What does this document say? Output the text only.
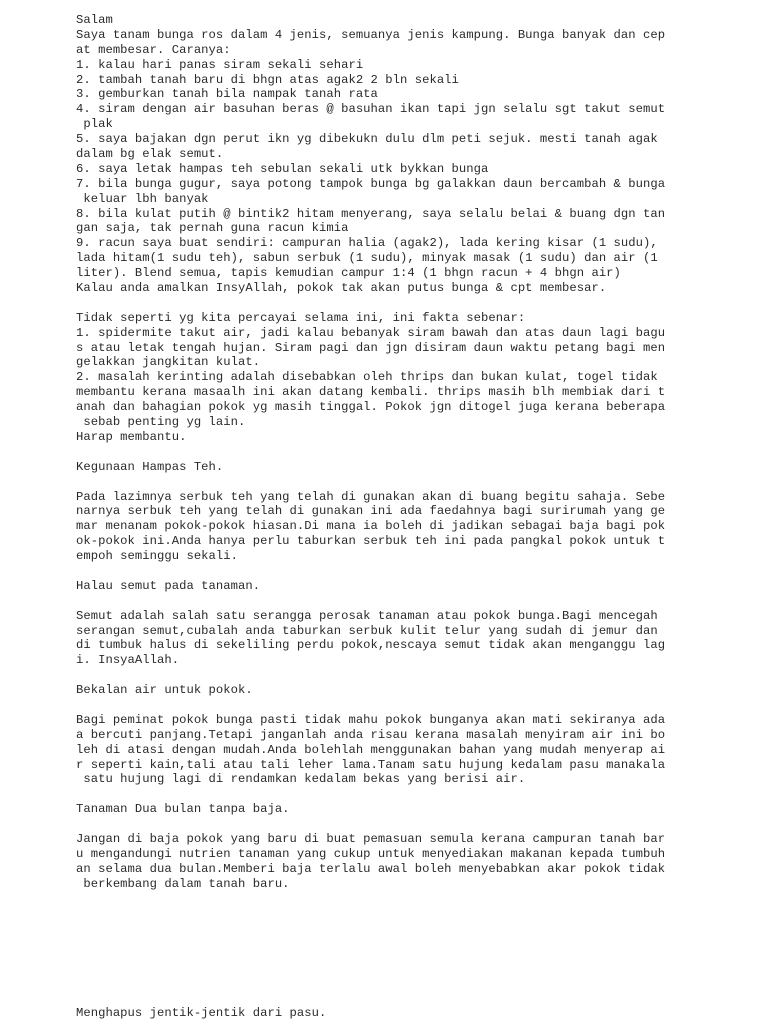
Salam
Saya tanam bunga ros dalam 4 jenis, semuanya jenis kampung. Bunga banyak dan cep
at membesar. Caranya:
1. kalau hari panas siram sekali sehari
2. tambah tanah baru di bhgn atas agak2 2 bln sekali
3. gemburkan tanah bila nampak tanah rata
4. siram dengan air basuhan beras @ basuhan ikan tapi jgn selalu sgt takut semut
plak
5. saya bajakan dgn perut ikn yg dibekukn dulu dlm peti sejuk. mesti tanah agak
dalam bg elak semut.
6. saya letak hampas teh sebulan sekali utk bykkan bunga
7. bila bunga gugur, saya potong tampok bunga bg galakkan daun bercambah & bunga
keluar lbh banyak
8. bila kulat putih @ bintik2 hitam menyerang, saya selalu belai & buang dgn tan
gan saja, tak pernah guna racun kimia
9. racun saya buat sendiri: campuran halia (agak2), lada kering kisar (1 sudu),
lada hitam(1 sudu teh), sabun serbuk (1 sudu), minyak masak (1 sudu) dan air (1
liter). Blend semua, tapis kemudian campur 1:4 (1 bhgn racun + 4 bhgn air)
Kalau anda amalkan InsyAllah, pokok tak akan putus bunga & cpt membesar.
Tidak seperti yg kita percayai selama ini, ini fakta sebenar:
1. spidermite takut air, jadi kalau bebanyak siram bawah dan atas daun lagi bagu
s atau letak tengah hujan. Siram pagi dan jgn disiram daun waktu petang bagi men
gelakkan jangkitan kulat.
2. masalah kerinting adalah disebabkan oleh thrips dan bukan kulat, togel tidak
membantu kerana masaalh ini akan datang kembali. thrips masih blh membiak dari t
anah dan bahagian pokok yg masih tinggal. Pokok jgn ditogel juga kerana beberapa
sebab penting yg lain.
Harap membantu.
Kegunaan Hampas Teh.
Pada lazimnya serbuk teh yang telah di gunakan akan di buang begitu sahaja. Sebe
narnya serbuk teh yang telah di gunakan ini ada faedahnya bagi surirumah yang ge
mar menanam pokok-pokok hiasan.Di mana ia boleh di jadikan sebagai baja bagi pok
ok-pokok ini.Anda hanya perlu taburkan serbuk teh ini pada pangkal pokok untuk t
empoh seminggu sekali.
Halau semut pada tanaman.
Semut adalah salah satu serangga perosak tanaman atau pokok bunga.Bagi mencegah
serangan semut,cubalah anda taburkan serbuk kulit telur yang sudah di jemur dan
di tumbuk halus di sekeliling perdu pokok,nescaya semut tidak akan menganggu lag
i. InsyaAllah.
Bekalan air untuk pokok.
Bagi peminat pokok bunga pasti tidak mahu pokok bunganya akan mati sekiranya ada
a bercuti panjang.Tetapi janganlah anda risau kerana masalah menyiram air ini bo
leh di atasi dengan mudah.Anda bolehlah menggunakan bahan yang mudah menyerap ai
r seperti kain,tali atau tali leher lama.Tanam satu hujung kedalam pasu manakala
satu hujung lagi di rendamkan kedalam bekas yang berisi air.
Tanaman Dua bulan tanpa baja.
Jangan di baja pokok yang baru di buat pemasuan semula kerana campuran tanah bar
u mengandungi nutrien tanaman yang cukup untuk menyediakan makanan kepada tumbuh
an selama dua bulan.Memberi baja terlalu awal boleh menyebabkan akar pokok tidak
berkembang dalam tanah baru.
Menghapus jentik-jentik dari pasu.
